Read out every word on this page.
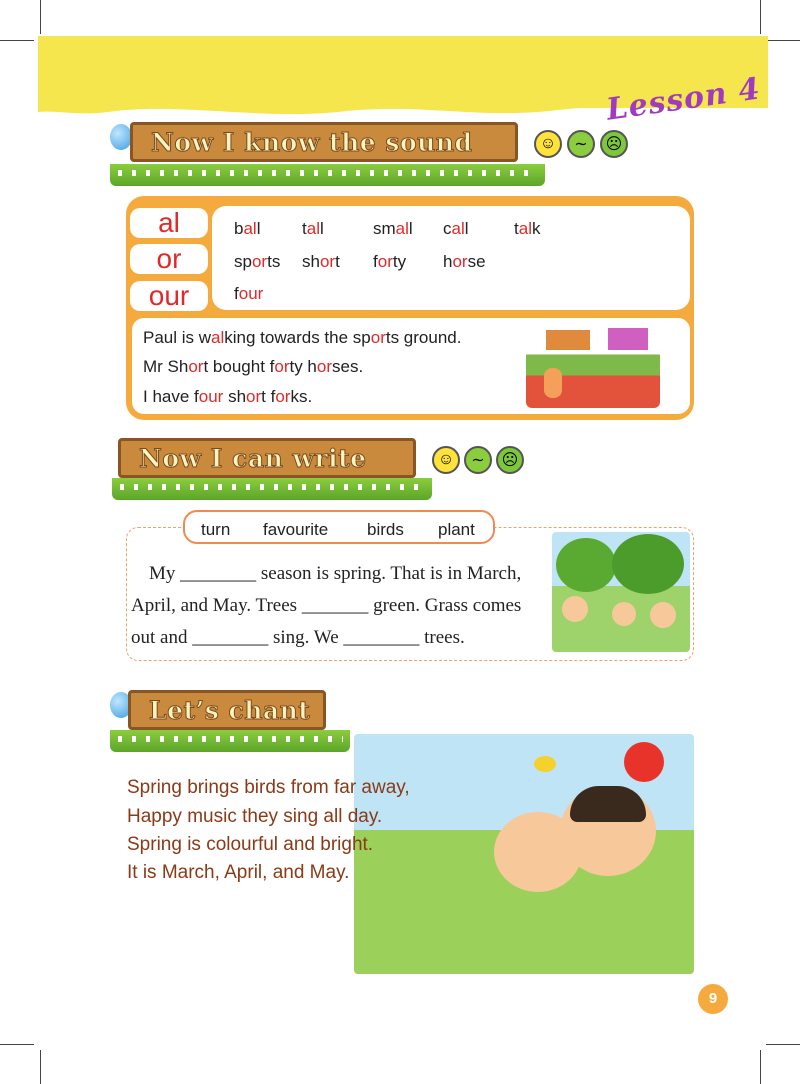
Lesson 4
Now I know the sound	☺	∼	☹
al
or
our
ball tall	small call	talk
sports short forty horse
four
Paul is walking towards the sports ground.
Mr Short bought forty horses.
I have four short forks.
Now I can write	☺	∼	☹
turn favourite birds plant
My ________ season is spring. That is in March,
April, and May. Trees _______ green. Grass comes
out and ________ sing. We ________ trees.
Let’s chant
Spring brings birds from far away,
Happy music they sing all day.
Spring is colourful and bright.
It is March, April, and May.
9
